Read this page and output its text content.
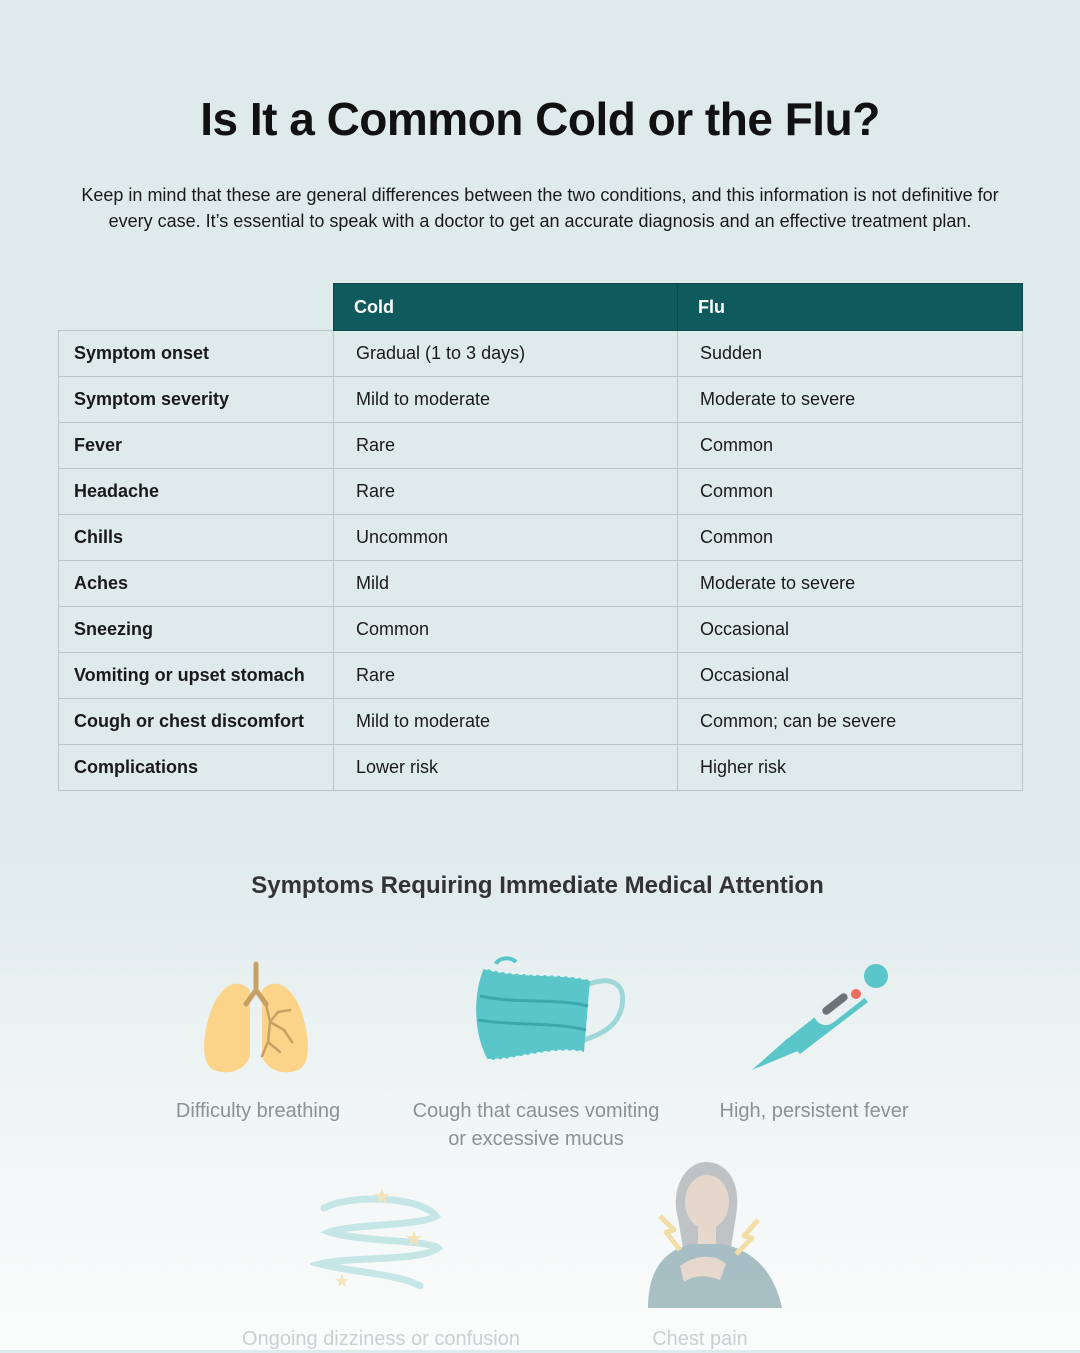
Is It a Common Cold or the Flu?
Keep in mind that these are general differences between the two conditions, and this information is not definitive for every case. It’s essential to speak with a doctor to get an accurate diagnosis and an effective treatment plan.
	Cold	Flu
Symptom onset	Gradual (1 to 3 days)	Sudden
Symptom severity	Mild to moderate	Moderate to severe
Fever	Rare	Common
Headache	Rare	Common
Chills	Uncommon	Common
Aches	Mild	Moderate to severe
Sneezing	Common	Occasional
Vomiting or upset stomach	Rare	Occasional
Cough or chest discomfort	Mild to moderate	Common; can be severe
Complications	Lower risk	Higher risk
Symptoms Requiring Immediate Medical Attention
Difficulty breathing	Cough that causes vomiting
or excessive mucus
High, persistent fever
Ongoing dizziness or confusion	Chest pain
